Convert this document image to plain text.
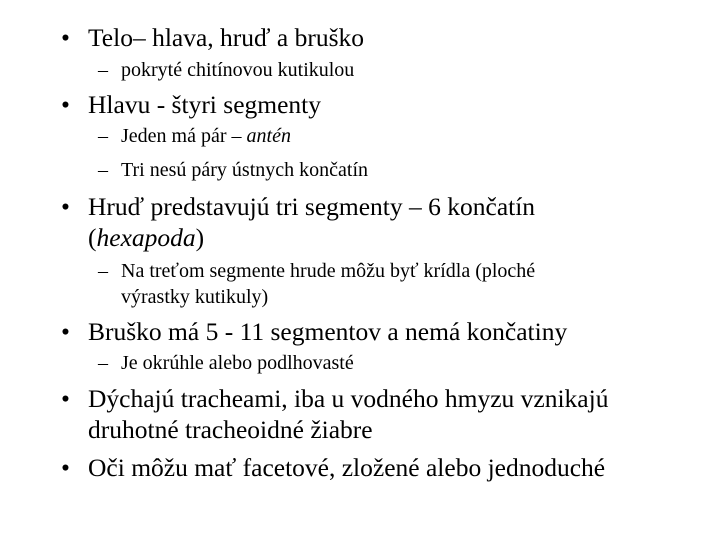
• Telo– hlava, hruď a bruško
– pokryté chitínovou kutikulou
• Hlavu - štyri segmenty
– Jeden má pár – antén
– Tri nesú páry ústnych končatín
• Hruď predstavujú tri segmenty – 6 končatín
(hexapoda)
– Na treťom segmente hrude môžu byť krídla (ploché
výrastky kutikuly)
• Bruško má 5 - 11 segmentov a nemá končatiny
– Je okrúhle alebo podlhovasté
• Dýchajú tracheami, iba u vodného hmyzu vznikajú
druhotné tracheoidné žiabre
• Oči môžu mať facetové, zložené alebo jednoduché
